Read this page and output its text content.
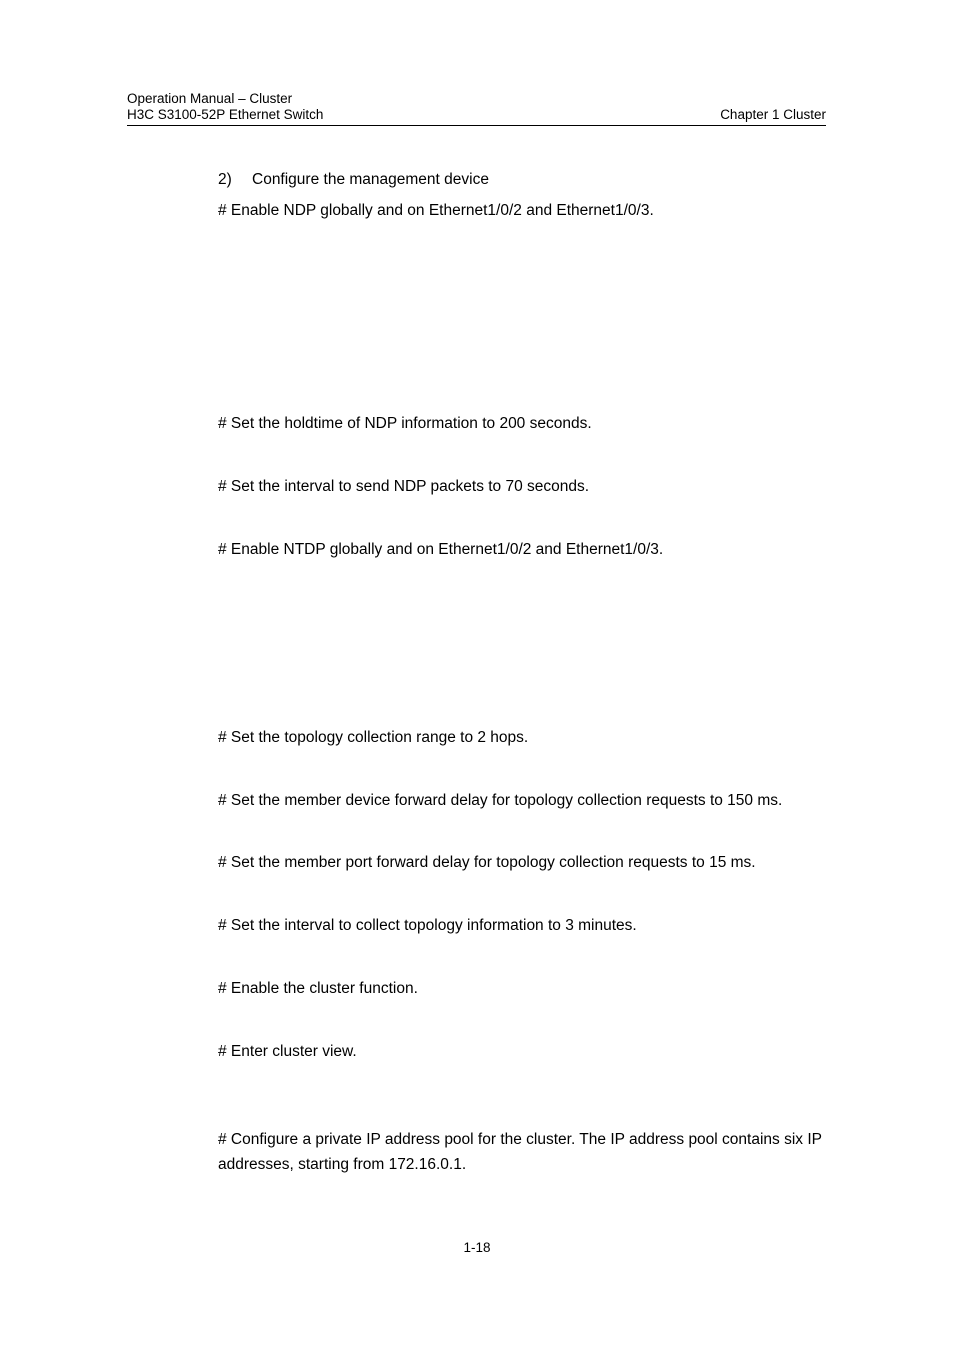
Operation Manual – Cluster
H3C S3100-52P Ethernet Switch	Chapter 1 Cluster
2) Configure the management device
# Enable NDP globally and on Ethernet1/0/2 and Ethernet1/0/3.
# Set the holdtime of NDP information to 200 seconds.
# Set the interval to send NDP packets to 70 seconds.
# Enable NTDP globally and on Ethernet1/0/2 and Ethernet1/0/3.
# Set the topology collection range to 2 hops.
# Set the member device forward delay for topology collection requests to 150 ms.
# Set the member port forward delay for topology collection requests to 15 ms.
# Set the interval to collect topology information to 3 minutes.
# Enable the cluster function.
# Enter cluster view.
# Configure a private IP address pool for the cluster. The IP address pool contains six IP addresses, starting from 172.16.0.1.
1-18
